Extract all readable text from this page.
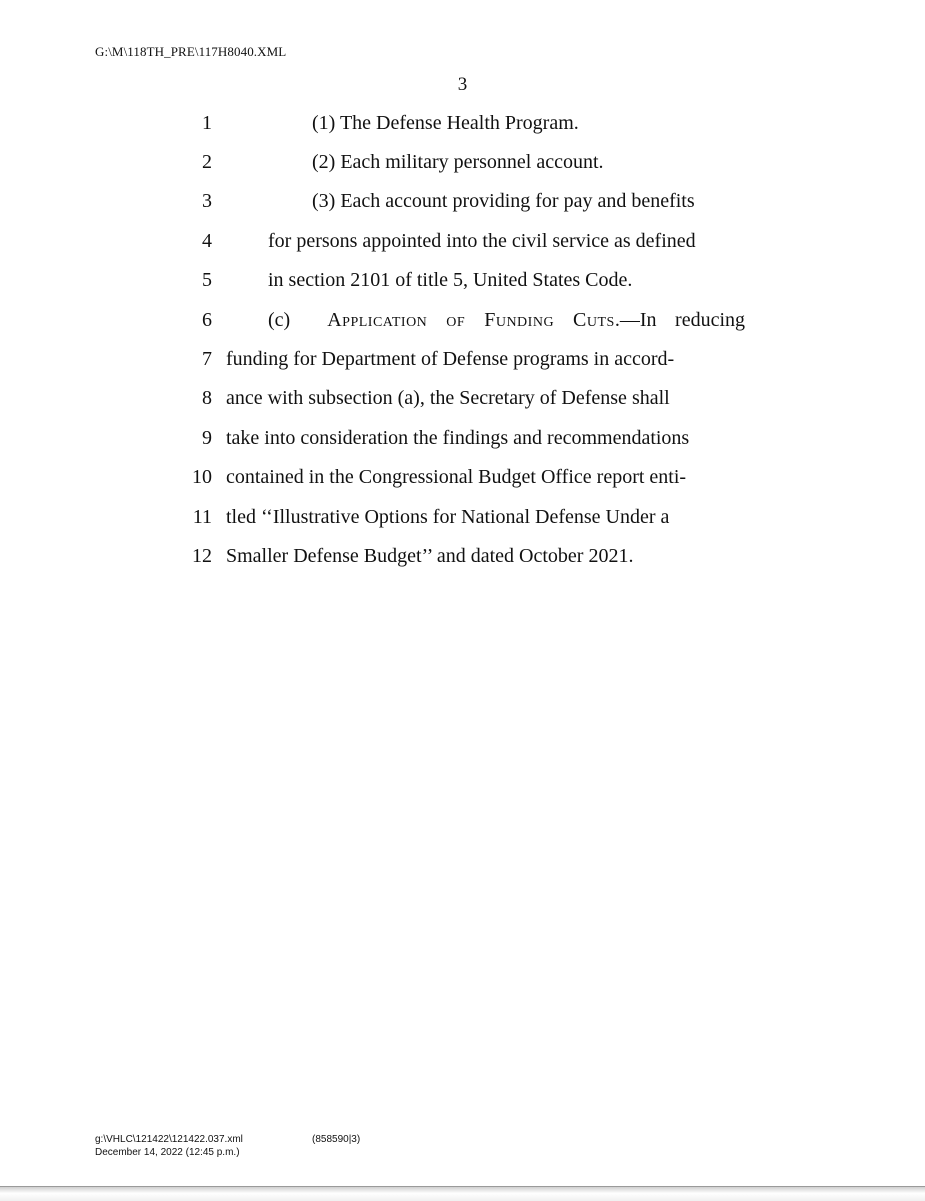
G:\M\118TH_PRE\117H8040.XML
3
1	(1) The Defense Health Program.
2	(2) Each military personnel account.
3	(3) Each account providing for pay and benefits
4	for persons appointed into the civil service as defined
5	in section 2101 of title 5, United States Code.
6	(c)  Application of Funding Cuts.—In reducing
7 funding for Department of Defense programs in accord-
8 ance with subsection (a), the Secretary of Defense shall
9 take into consideration the findings and recommendations
10 contained in the Congressional Budget Office report enti-
11 tled ‘‘Illustrative Options for National Defense Under a
12 Smaller Defense Budget’’ and dated October 2021.
g:\VHLC\121422\121422.037.xml
December 14, 2022 (12:45 p.m.)
(858590|3)
